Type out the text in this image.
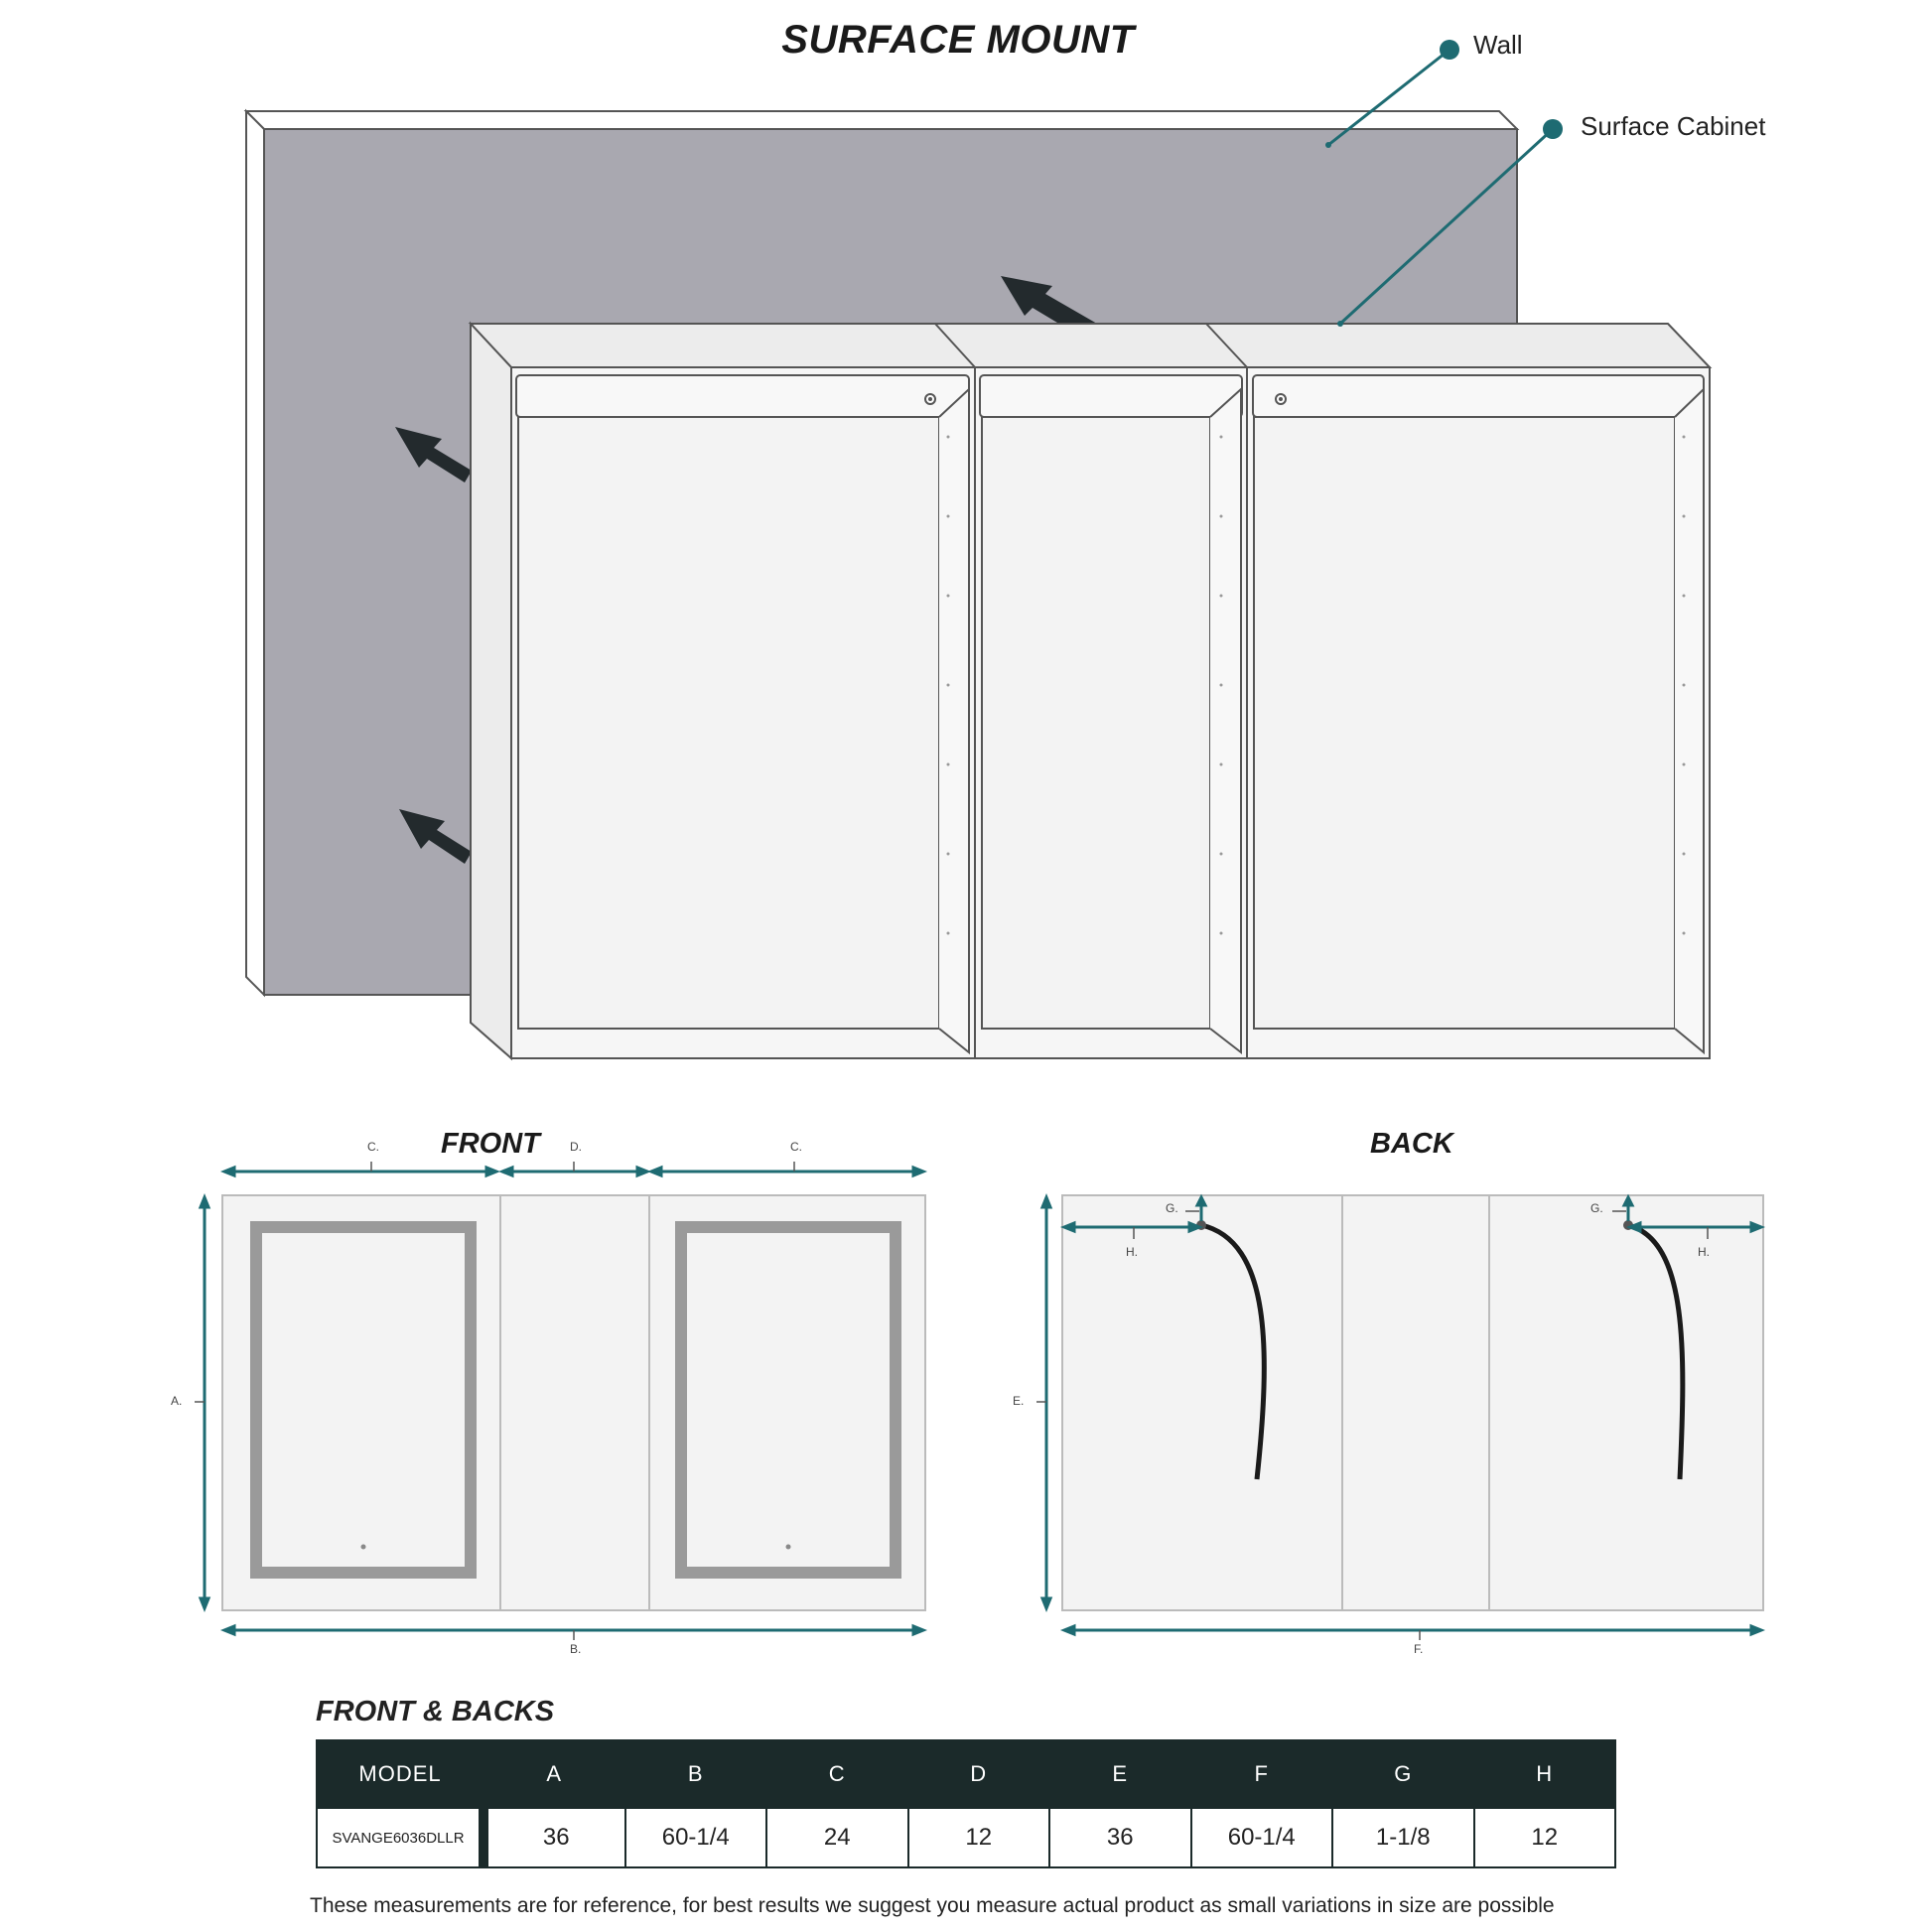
SURFACE MOUNT	Wall
Surface Cabinet
FRONT	BACK
C.	D.	C.
A.
B.
G.
H.
G.
H.
E.
F.
FRONT & BACKS
MODEL	A	B	C	D	E	F	G	H
SVANGE6036DLLR	36	60-1/4	24	12	36	60-1/4	1-1/8	12
These measurements are for reference, for best results we suggest you measure actual product as small variations in size are possible
